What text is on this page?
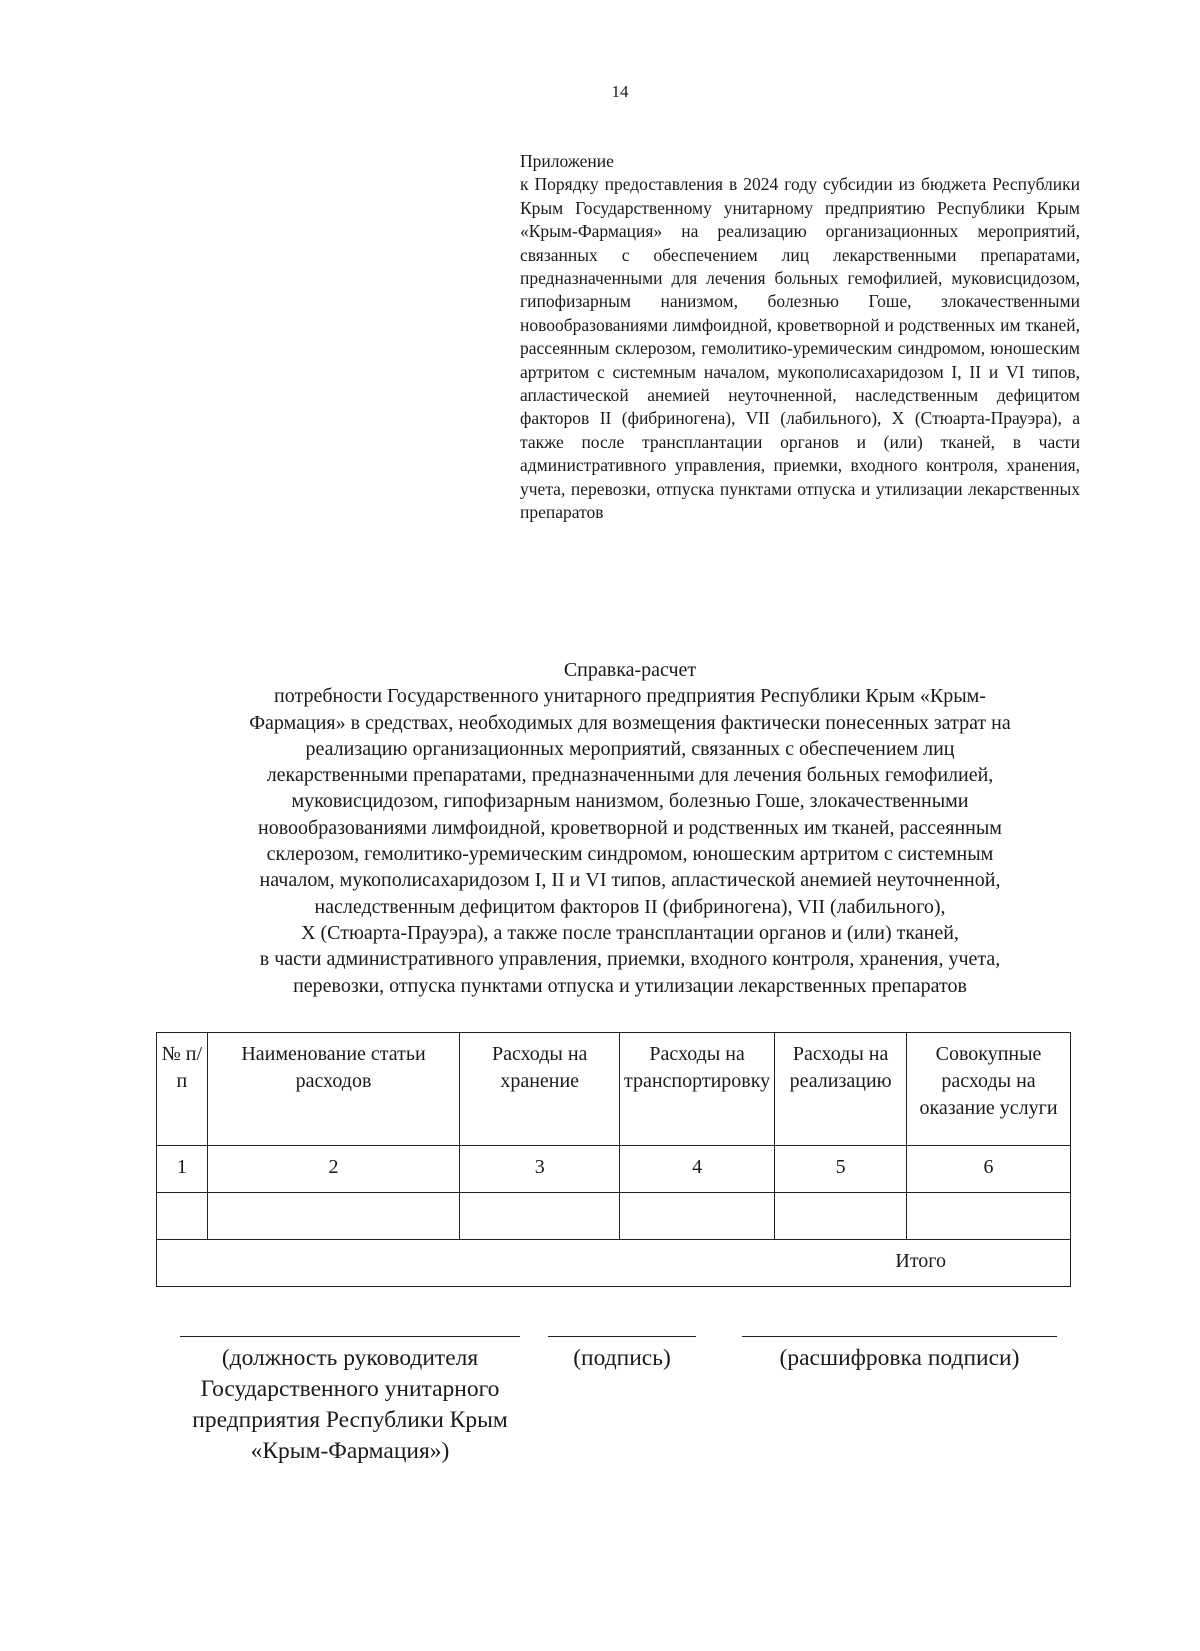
14
Приложение
к Порядку предоставления в 2024 году субсидии из бюджета Республики Крым Государственному унитарному предприятию Республики Крым «Крым-Фармация» на реализацию организационных мероприятий, связанных с обеспечением лиц лекарственными препаратами, предназначенными для лечения больных гемофилией, муковисцидозом, гипофизарным нанизмом, болезнью Гоше, злокачественными новообразованиями лимфоидной, кроветворной и родственных им тканей, рассеянным склерозом, гемолитико-уремическим синдромом, юношеским артритом с системным началом, мукополисахаридозом I, II и VI типов, апластической анемией неуточненной, наследственным дефицитом факторов II (фибриногена), VII (лабильного), X (Стюарта-Прауэра), а также после трансплантации органов и (или) тканей, в части административного управления, приемки, входного контроля, хранения, учета, перевозки, отпуска пунктами отпуска и утилизации лекарственных препаратов
Справка-расчет
потребности Государственного унитарного предприятия Республики Крым «Крым-
Фармация» в средствах, необходимых для возмещения фактически понесенных затрат на
реализацию организационных мероприятий, связанных с обеспечением лиц
лекарственными препаратами, предназначенными для лечения больных гемофилией,
муковисцидозом, гипофизарным нанизмом, болезнью Гоше, злокачественными
новообразованиями лимфоидной, кроветворной и родственных им тканей, рассеянным
склерозом, гемолитико-уремическим синдромом, юношеским артритом с системным
началом, мукополисахаридозом I, II и VI типов, апластической анемией неуточненной,
наследственным дефицитом факторов II (фибриногена), VII (лабильного),
X (Стюарта-Прауэра), а также после трансплантации органов и (или) тканей,
в части административного управления, приемки, входного контроля, хранения, учета,
перевозки, отпуска пунктами отпуска и утилизации лекарственных препаратов
№ п/п	Наименование статьи расходов	Расходы на хранение	Расходы на транспортировку	Расходы на реализацию	Совокупные расходы на оказание услуги
1	2	3	4	5	6

Итого					
(должность руководителя Государственного унитарного предприятия Республики Крым «Крым-Фармация»)
(подпись)	(расшифровка подписи)
